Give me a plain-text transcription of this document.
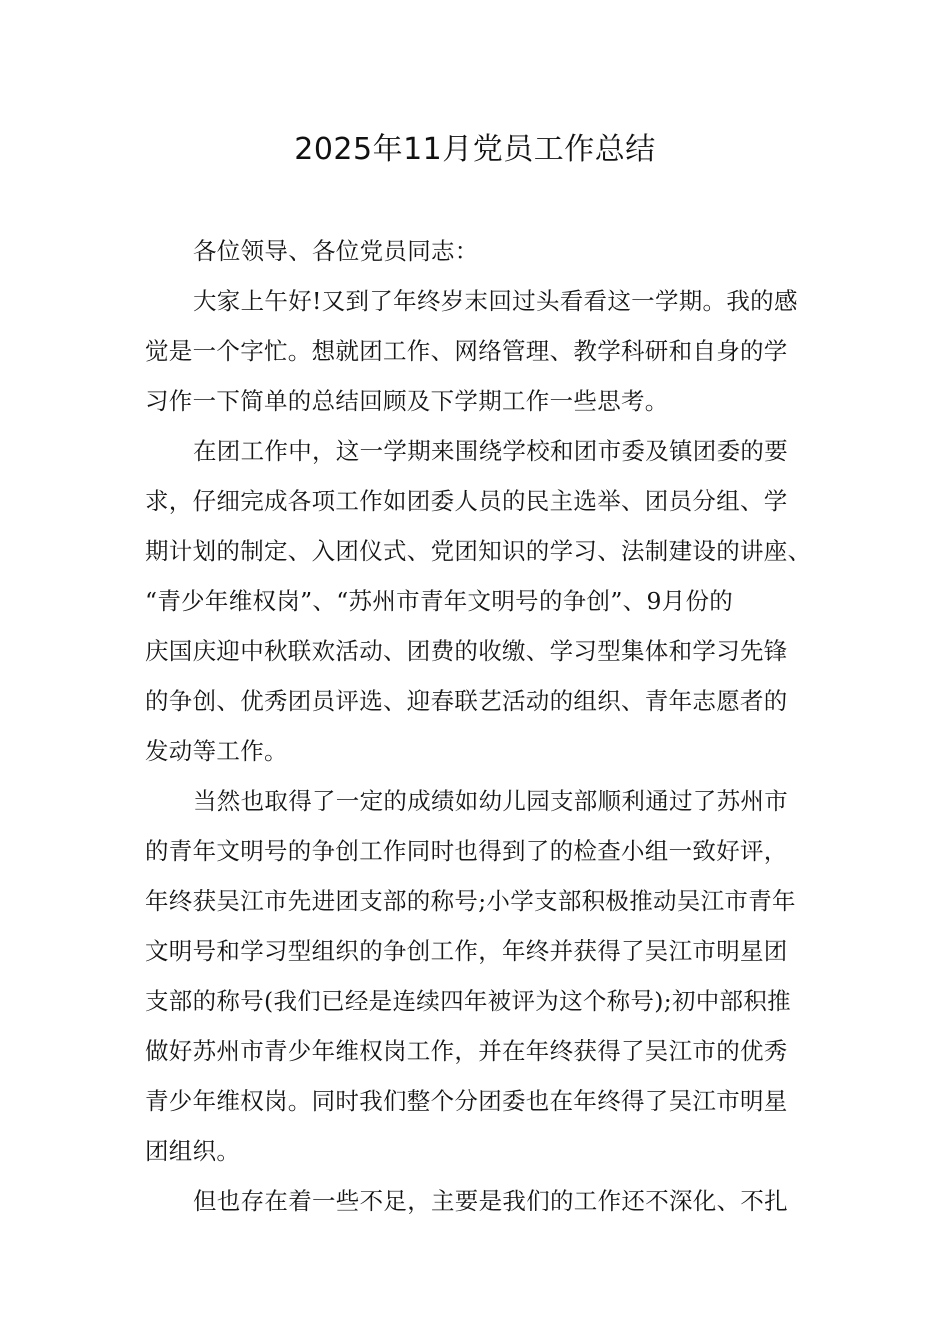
2025年11月党员工作总结

各位领导、各位党员同志：

大家上午好!又到了年终岁末回过头看看这一学期。我的感

觉是一个字忙。想就团工作、网络管理、教学科研和自身的学

习作一下简单的总结回顾及下学期工作一些思考。

在团工作中，这一学期来围绕学校和团市委及镇团委的要

求，仔细完成各项工作如团委人员的民主选举、团员分组、学

期计划的制定、入团仪式、党团知识的学习、法制建设的讲座、

“青少年维权岗”、“苏州市青年文明号的争创”、9月份的

庆国庆迎中秋联欢活动、团费的收缴、学习型集体和学习先锋

的争创、优秀团员评选、迎春联艺活动的组织、青年志愿者的

发动等工作。

当然也取得了一定的成绩如幼儿园支部顺利通过了苏州市

的青年文明号的争创工作同时也得到了的检查小组一致好评，

年终获吴江市先进团支部的称号;小学支部积极推动吴江市青年

文明号和学习型组织的争创工作，年终并获得了吴江市明星团

支部的称号(我们已经是连续四年被评为这个称号);初中部积推

做好苏州市青少年维权岗工作，并在年终获得了吴江市的优秀

青少年维权岗。同时我们整个分团委也在年终得了吴江市明星

团组织。

但也存在着一些不足，主要是我们的工作还不深化、不扎
